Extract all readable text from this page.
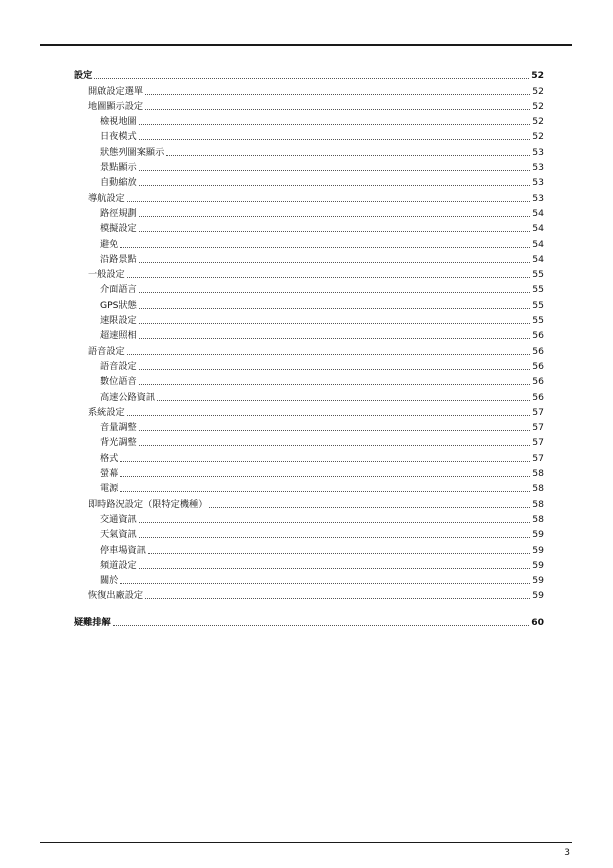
設定	52
開啟設定選單	52
地圖顯示設定	52
檢視地圖	52
日夜模式	52
狀態列圖案顯示	53
景點顯示	53
自動縮放	53
導航設定	53
路徑規劃	54
模擬設定	54
避免	54
沿路景點	54
一般設定	55
介面語言	55
GPS狀態	55
速限設定	55
超速照相	56
語音設定	56
語音設定	56
數位語音	56
高速公路資訊	56
系統設定	57
音量調整	57
背光調整	57
格式	57
螢幕	58
電源	58
即時路況設定（限特定機種）	58
交通資訊	58
天氣資訊	59
停車場資訊	59
頻道設定	59
關於	59
恢復出廠設定	59
疑難排解	60
3
